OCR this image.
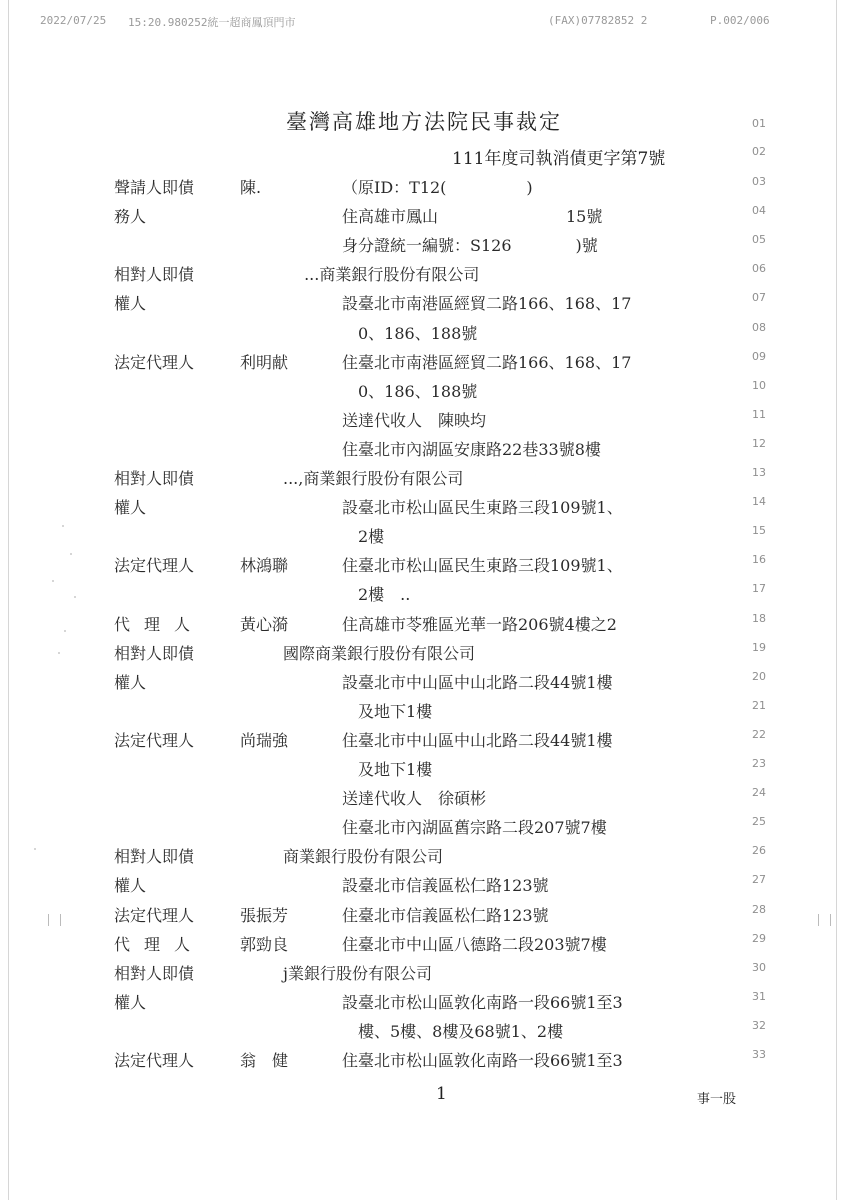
2022/07/25 15:20.980252統一超商鳳頂門市	(FAX)07782852 2	P.002/006
臺灣高雄地方法院民事裁定
111年度司執消債更字第7號
01
02
聲請人即債	陳.	（原ID：T12(　　　　　)	03
務人	住高雄市鳳山　　　　　　　　15號	04
身分證統一編號：S126　　　　)號	05
相對人即債	　 ...商業銀行股份有限公司	06
權人	設臺北市南港區經貿二路166、168、17	07
　0、186、188號	08
法定代理人	利明献	住臺北市南港區經貿二路166、168、17	09
　0、186、188號	10
送達代收人　陳映均	11
住臺北市內湖區安康路22巷33號8樓	12
相對人即債	...,商業銀行股份有限公司	13
權人	設臺北市松山區民生東路三段109號1、	14
　2樓	15
法定代理人	林鴻聯	住臺北市松山區民生東路三段109號1、	16
　2樓　..	17
代理人 黃心漪	住高雄市苓雅區光華一路206號4樓之2	18
相對人即債	國際商業銀行股份有限公司	19
權人	設臺北市中山區中山北路二段44號1樓	20
　及地下1樓	21
法定代理人	尚瑞強	住臺北市中山區中山北路二段44號1樓	22
　及地下1樓	23
送達代收人　徐碩彬	24
住臺北市內湖區舊宗路二段207號7樓	25
相對人即債	商業銀行股份有限公司	26
權人	設臺北市信義區松仁路123號	27
法定代理人	張振芳	住臺北市信義區松仁路123號	28
代理人 郭勁良	住臺北市中山區八德路二段203號7樓	29
相對人即債	j業銀行股份有限公司	30
權人	設臺北市松山區敦化南路一段66號1至3	31
　樓、5樓、8樓及68號1、2樓	32
法定代理人	翁　健	住臺北市松山區敦化南路一段66號1至3	33
1	事一股
